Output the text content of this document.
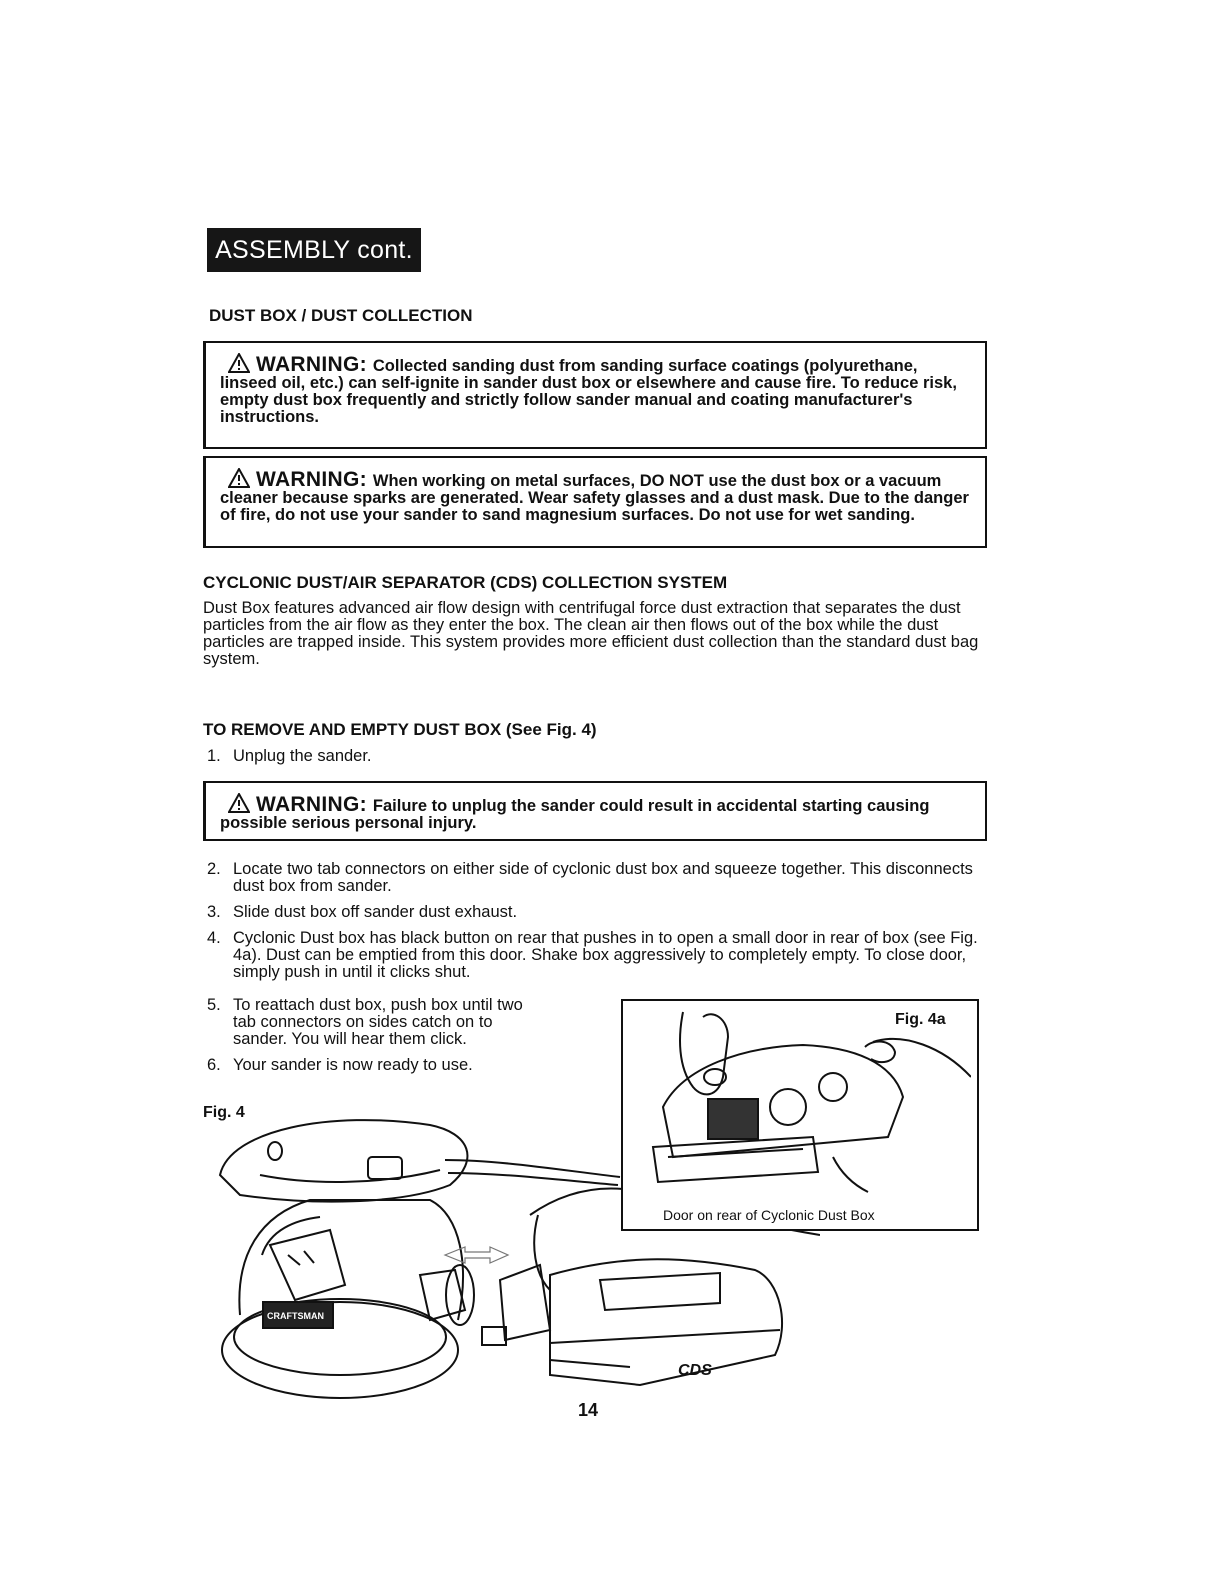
ASSEMBLY cont.
DUST BOX / DUST COLLECTION
WARNING: Collected sanding dust from sanding surface coatings (polyurethane, linseed oil, etc.) can self-ignite in sander dust box or elsewhere and cause fire. To reduce risk, empty dust box frequently and strictly follow sander manual and coating manufacturer's instructions.
WARNING: When working on metal surfaces, DO NOT use the dust box or a vacuum cleaner because sparks are generated. Wear safety glasses and a dust mask. Due to the danger of fire, do not use your sander to sand magnesium surfaces. Do not use for wet sanding.
CYCLONIC DUST/AIR SEPARATOR (CDS) COLLECTION SYSTEM
Dust Box features advanced air flow design with centrifugal force dust extraction that separates the dust particles from the air flow as they enter the box. The clean air then flows out of the box while the dust particles are trapped inside. This system provides more efficient dust collection than the standard dust bag system.
TO REMOVE AND EMPTY DUST BOX (See Fig. 4)
1. Unplug the sander.
WARNING: Failure to unplug the sander could result in accidental starting causing possible serious personal injury.
2. Locate two tab connectors on either side of cyclonic dust box and squeeze together. This disconnects dust box from sander.
3. Slide dust box off sander dust exhaust.
4. Cyclonic Dust box has black button on rear that pushes in to open a small door in rear of box (see Fig. 4a). Dust can be emptied from this door. Shake box aggressively to completely empty. To close door, simply push in until it clicks shut.
5. To reattach dust box, push box until two tab connectors on sides catch on to sander. You will hear them click.
6. Your sander is now ready to use.
Fig. 4
CRAFTSMAN
CDS
Fig. 4a
Door on rear of Cyclonic Dust Box
14
